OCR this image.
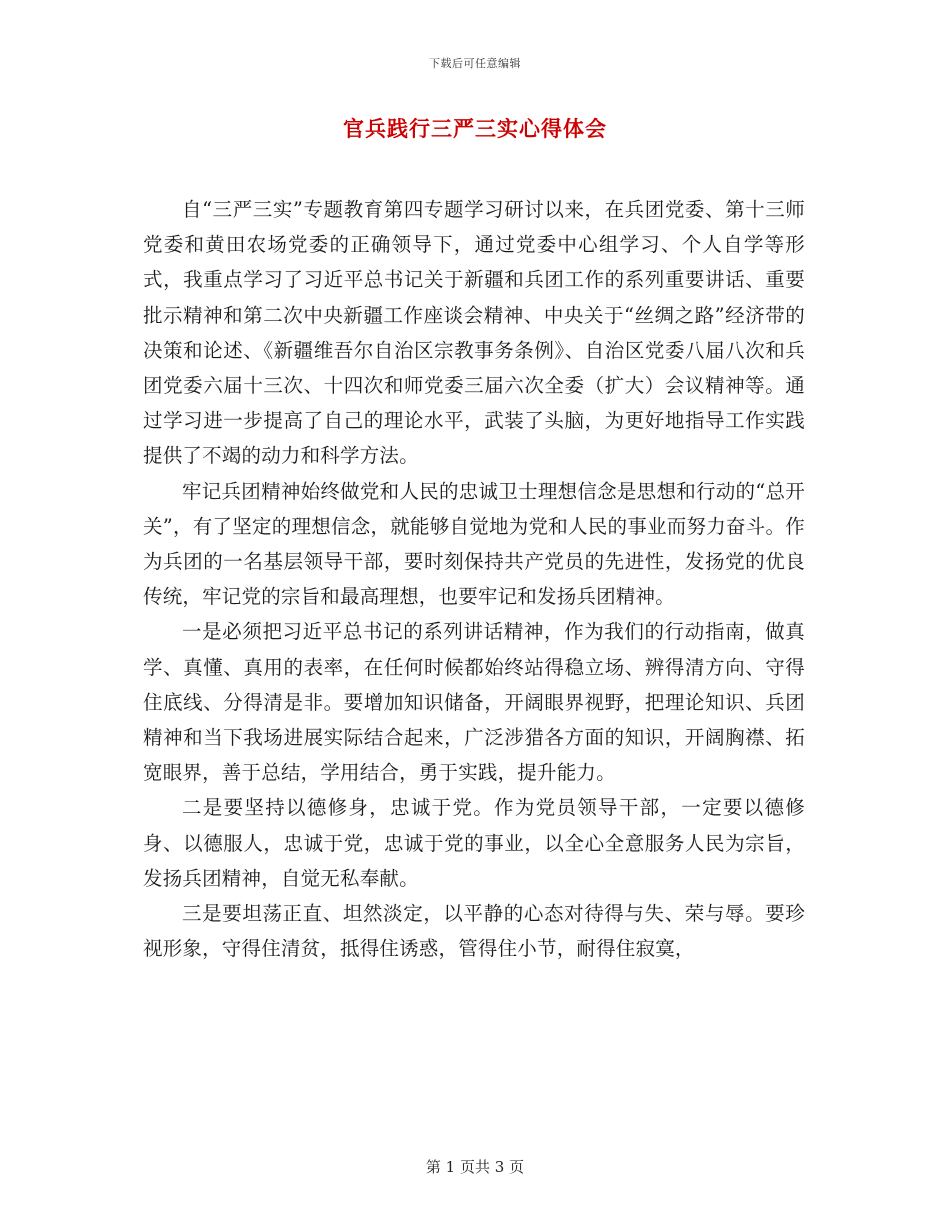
下载后可任意编辑
官兵践行三严三实心得体会

自“三严三实”专题教育第四专题学习研讨以来，在兵团党委、第十三师党委和黄田农场党委的正确领导下，通过党委中心组学习、个人自学等形式，我重点学习了习近平总书记关于新疆和兵团工作的系列重要讲话、重要批示精神和第二次中央新疆工作座谈会精神、中央关于“丝绸之路”经济带的决策和论述、《新疆维吾尔自治区宗教事务条例》、自治区党委八届八次和兵团党委六届十三次、十四次和师党委三届六次全委（扩大）会议精神等。通过学习进一步提高了自己的理论水平，武装了头脑，为更好地指导工作实践提供了不竭的动力和科学方法。

牢记兵团精神始终做党和人民的忠诚卫士理想信念是思想和行动的“总开关”，有了坚定的理想信念，就能够自觉地为党和人民的事业而努力奋斗。作为兵团的一名基层领导干部，要时刻保持共产党员的先进性，发扬党的优良传统，牢记党的宗旨和最高理想，也要牢记和发扬兵团精神。

一是必须把习近平总书记的系列讲话精神，作为我们的行动指南，做真学、真懂、真用的表率，在任何时候都始终站得稳立场、辨得清方向、守得住底线、分得清是非。要增加知识储备，开阔眼界视野，把理论知识、兵团精神和当下我场进展实际结合起来，广泛涉猎各方面的知识，开阔胸襟、拓宽眼界，善于总结，学用结合，勇于实践，提升能力。

二是要坚持以德修身，忠诚于党。作为党员领导干部，一定要以德修身、以德服人，忠诚于党，忠诚于党的事业，以全心全意服务人民为宗旨，发扬兵团精神，自觉无私奉献。

三是要坦荡正直、坦然淡定，以平静的心态对待得与失、荣与辱。要珍视形象，守得住清贫，抵得住诱惑，管得住小节，耐得住寂寞，

第 1 页共 3 页
